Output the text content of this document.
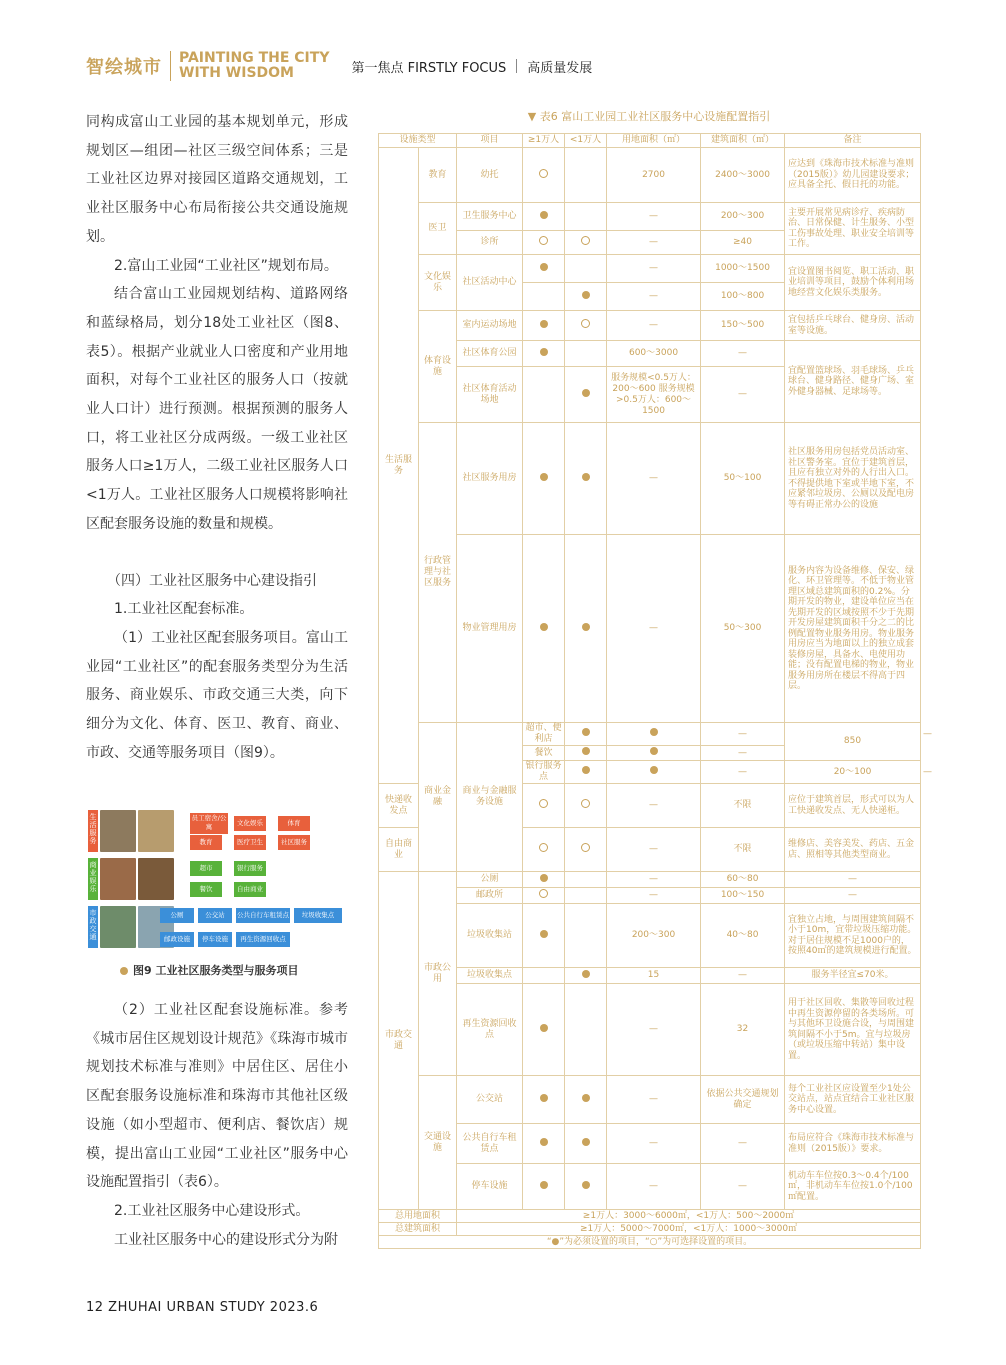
智绘城市 PAINTING THE CITY
WITH WISDOM	第一焦点 FIRSTLY FOCUS 高质量发展

同构成富山工业园的基本规划单元，形成规划区—组团—社区三级空间体系；三是工业社区边界对接园区道路交通规划，工业社区服务中心布局衔接公共交通设施规划。

2.富山工业园“工业社区”规划布局。

结合富山工业园规划结构、道路网络和蓝绿格局，划分18处工业社区（图8、表5）。根据产业就业人口密度和产业用地面积，对每个工业社区的服务人口（按就业人口计）进行预测。根据预测的服务人口，将工业社区分成两级。一级工业社区服务人口≥1万人，二级工业社区服务人口<1万人。工业社区服务人口规模将影响社区配套服务设施的数量和规模。

（四）工业社区服务中心建设指引

1.工业社区配套标准。

（1）工业社区配套服务项目。富山工业园“工业社区”的配套服务类型分为生活服务、商业娱乐、市政交通三大类，向下细分为文化、体育、医卫、教育、商业、市政、交通等服务项目（图9）。

生活服务
员工宿舍/公寓	文化娱乐	体育
教育	医疗卫生	社区服务
商业娱乐
超市	银行服务
餐饮	自由商业
市政交通
公厕	公交站	公共自行车租赁点	垃圾收集点
邮政设施	停车设施	再生资源回收点
图9 工业社区服务类型与服务项目

（2）工业社区配套设施标准。参考《城市居住区规划设计规范》《珠海市城市规划技术标准与准则》中居住区、居住小区配套服务设施标准和珠海市其他社区级设施（如小型超市、便利店、餐饮店）规模，提出富山工业园“工业社区”服务中心设施配置指引（表6）。

2.工业社区服务中心建设形式。

工业社区服务中心的建设形式分为附

▼ 表6 富山工业园工业社区服务中心设施配置指引
设施类型		项目	≥1万人	<1万人	用地面积（㎡）	建筑面积（㎡）	备注	
生活服务	教育	幼托			2700	2400～3000	应达到《珠海市技术标准与准则（2015版）》幼儿园建设要求；应具备全托、假日托的功能。	
	医卫	卫生服务中心			—	200～300	主要开展常见病诊疗、疾病防治、日常保健、计生服务、小型工伤事故处理、职业安全培训等工作。	
		诊所			—	≥40		
	文化娱乐	社区活动中心			—	1000～1500	宜设置图书阅览、职工活动、职业培训等项目，鼓励个体利用场地经营文化娱乐类服务。	
					—	100～800		
	体育设施	室内运动场地			—	150～500	宜包括乒乓球台、健身房、活动室等设施。	
		社区体育公园			600～3000	—	宜配置篮球场、羽毛球场、乒乓球台、健身路径、健身广场、室外健身器械、足球场等。	
		社区体育活动场地			服务规模<0.5万人：200～600 服务规模>0.5万人：600～1500	—		
	行政管理与社区服务	社区服务用房			—	50～100	社区服务用房包括党员活动室、社区警务室。宜位于建筑首层，且应有独立对外的人行出入口。不得提供地下室或半地下室，不应紧邻垃圾房、公厕以及配电房等有碍正常办公的设施	
		物业管理用房			—	50～300	服务内容为设备维修、保安、绿化、环卫管理等。不低于物业管理区域总建筑面积的0.2%。分期开发的物业，建设单位应当在先期开发的区域按照不少于先期开发房屋建筑面积千分之二的比例配置物业服务用房。物业服务用房应当为地面以上的独立成套装修房屋，具备水、电使用功能；没有配置电梯的物业，物业服务用房所在楼层不得高于四层。	
	商业金融	商业与金融服务设施	超市、便利店			—	850	—
			餐饮			—		
			银行服务点			—	20～100	—
快递收发点					—	不限	应位于建筑首层，形式可以为人工快递收发点、无人快递柜。	
自由商业					—	不限	维修店、美容美发、药店、五金店、照相等其他类型商业。	
市政交通	市政公用	公厕			—	60～80	—	
		邮政所			—	100～150	—	
		垃圾收集站			200～300	40～80	宜独立占地，与周围建筑间隔不小于10m，宜带垃圾压缩功能。对于居住规模不足1000户的，按照40㎡的建筑规模进行配置。	
		垃圾收集点			15	—	服务半径宜≤70米。	
		再生资源回收点			—	32	用于社区回收、集散等回收过程中再生资源停留的各类场所。可与其他环卫设施合设，与周围建筑间隔不小于5m。宜与垃圾房（或垃圾压缩中转站）集中设置。	

	交通设施	公交站			—	依据公共交通规划确定	每个工业社区应设置至少1处公交站点，站点宜结合工业社区服务中心设置。	
		公共自行车租赁点			—	—	布局应符合《珠海市技术标准与准则（2015版）》要求。	
		停车设施			—	—	机动车车位按0.3～0.4个/100㎡，非机动车车位按1.0个/100㎡配置。	
总用地面积		≥1万人：3000～6000㎡，<1万人：500～2000㎡						
总建筑面积		≥1万人：5000～7000㎡，<1万人：1000～3000㎡						
“●”为必须设置的项目，“○”为可选择设置的项目。								
12 ZHUHAI URBAN STUDY 2023.6
